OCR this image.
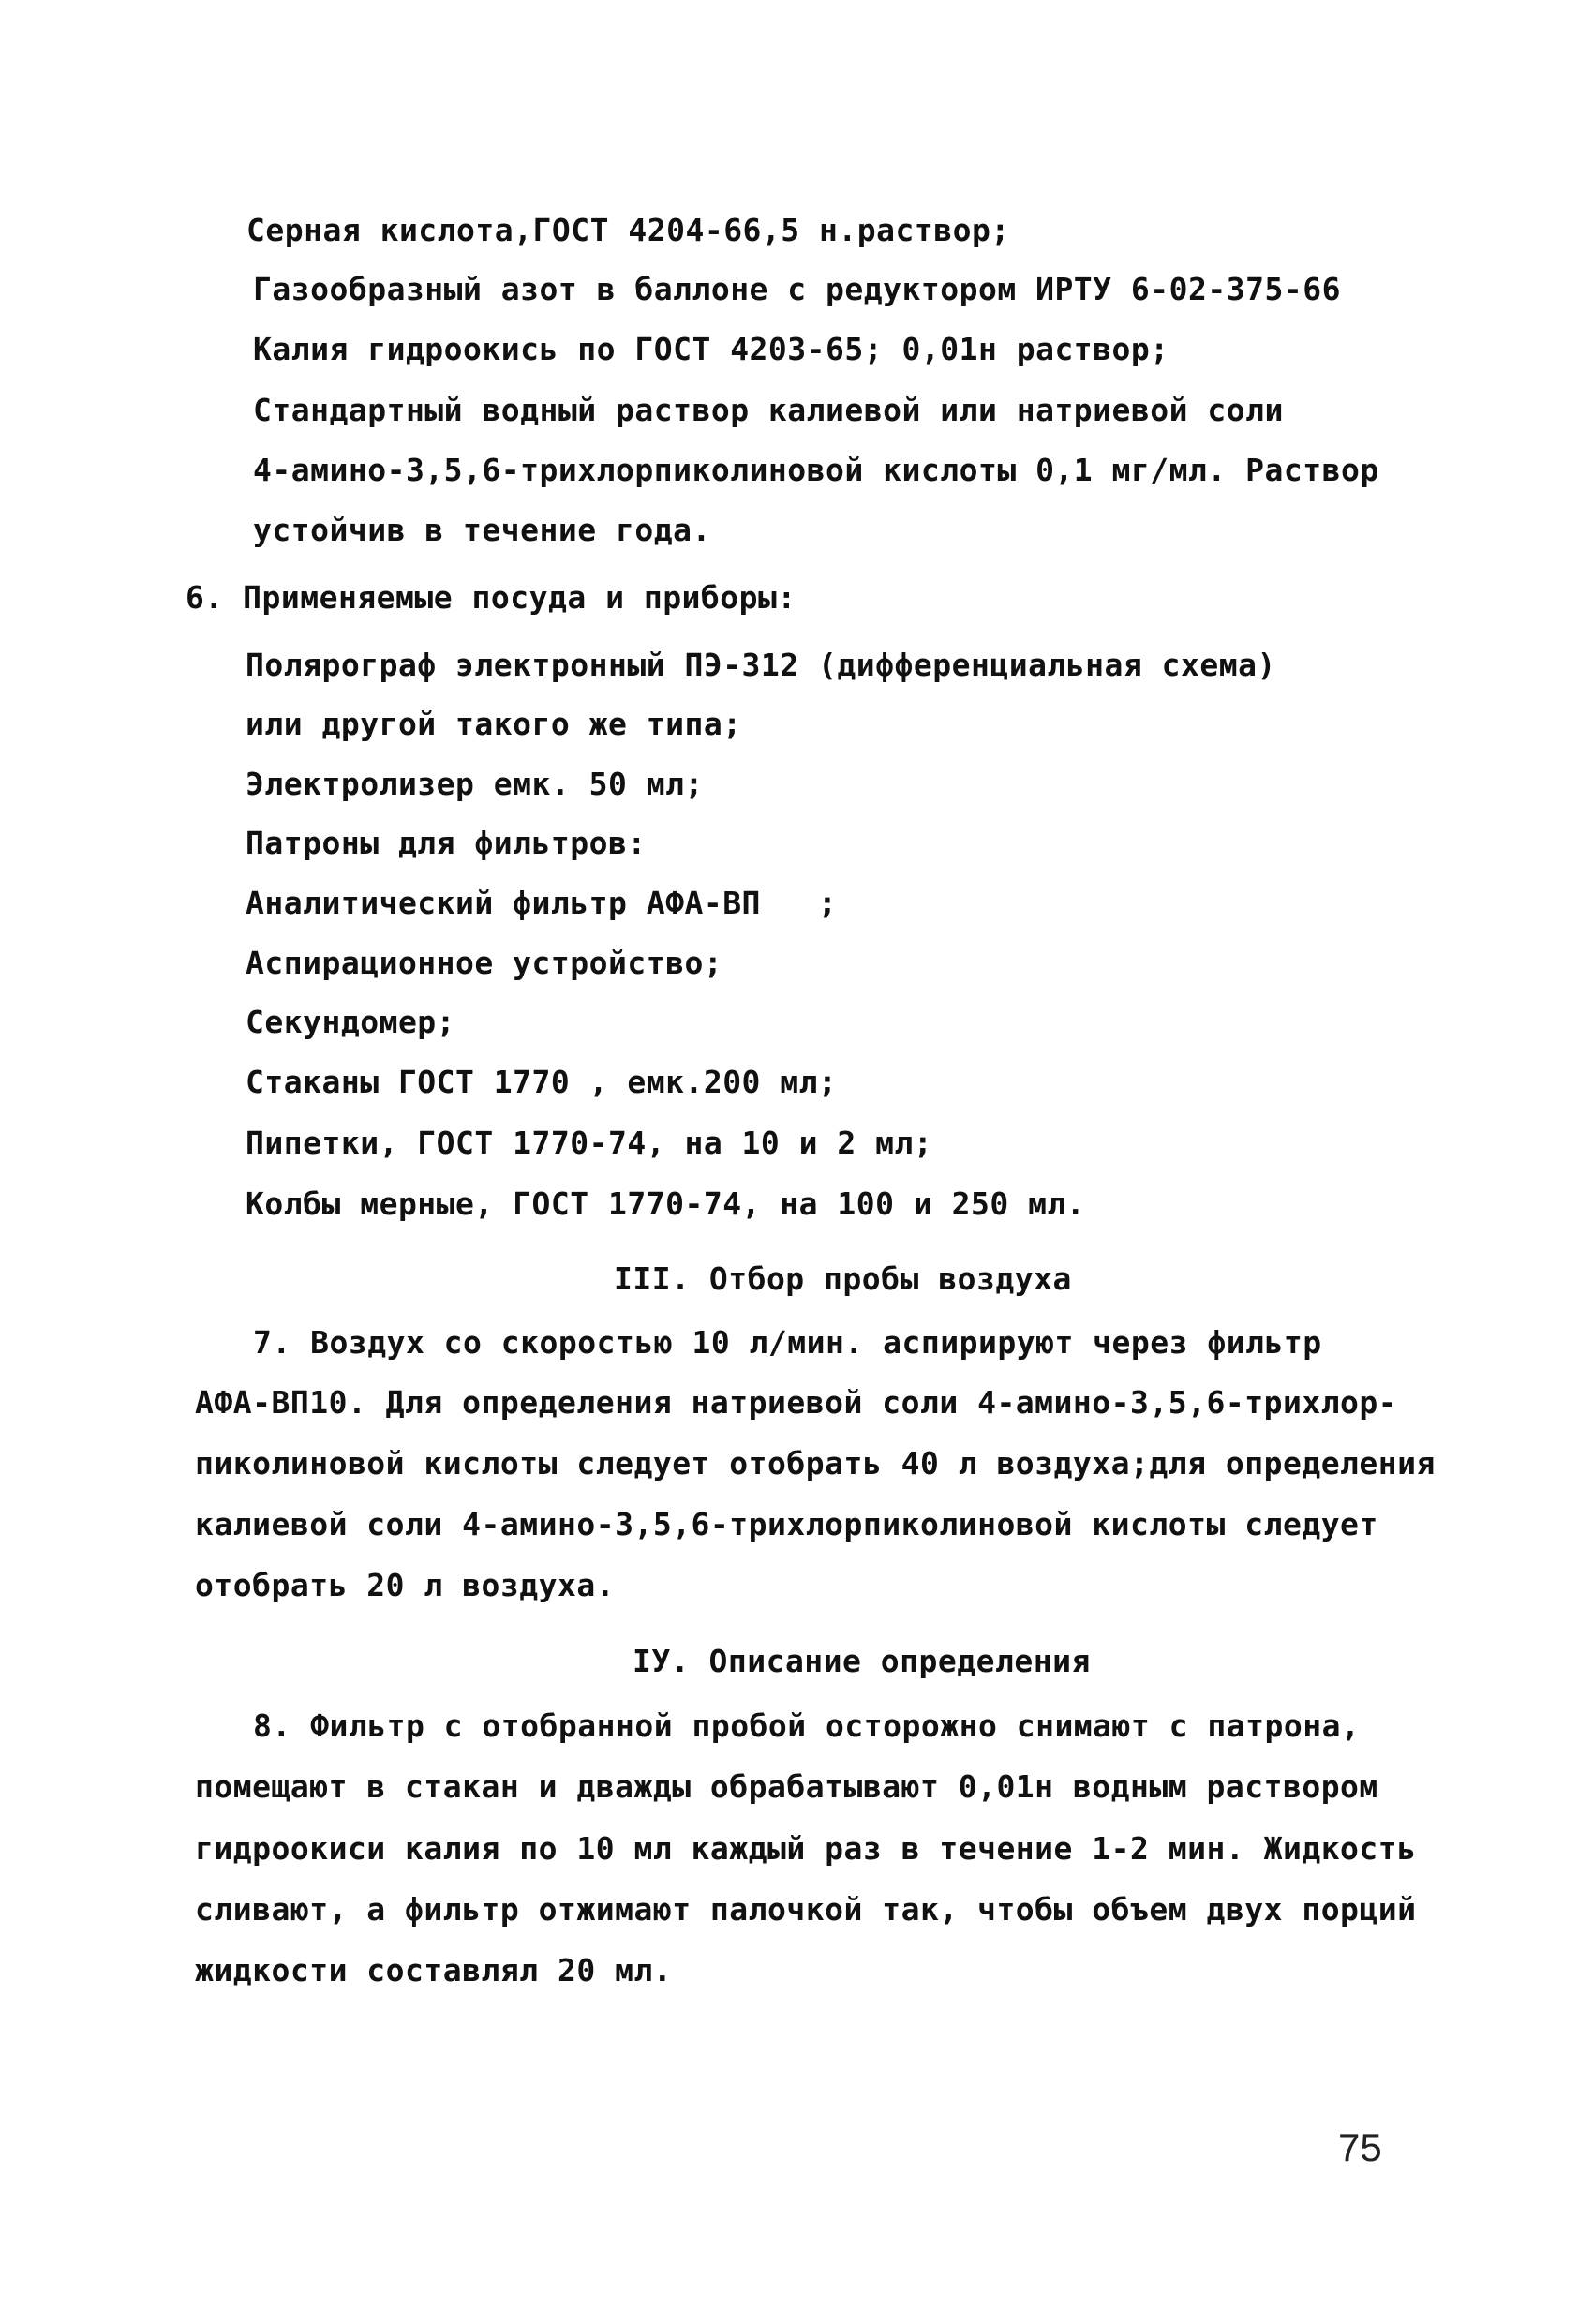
Серная кислота,ГОСТ 4204-66,5 н.раствор;
Газообразный азот в баллоне с редуктором ИРТУ 6-02-375-66
Калия гидроокись по ГОСТ 4203-65; 0,01н раствор;
Стандартный водный раствор калиевой или натриевой соли
4-амино-3,5,6-трихлорпиколиновой кислоты 0,1 мг/мл. Раствор
устойчив в течение года.
6. Применяемые посуда и приборы:
Полярограф электронный ПЭ-312 (дифференциальная схема)
или другой такого же типа;
Электролизер емк. 50 мл;
Патроны для фильтров:
Аналитический фильтр АФА-ВП   ;
Аспирационное устройство;
Секундомер;
Стаканы ГОСТ 1770 , емк.200 мл;
Пипетки, ГОСТ 1770-74, на 10 и 2 мл;
Колбы мерные, ГОСТ 1770-74, на 100 и 250 мл.
III. Отбор пробы воздуха
7. Воздух со скоростью 10 л/мин. аспирируют через фильтр
АФА-ВП10. Для определения натриевой соли 4-амино-3,5,6-трихлор-
пиколиновой кислоты следует отобрать 40 л воздуха;для определения
калиевой соли 4-амино-3,5,6-трихлорпиколиновой кислоты следует
отобрать 20 л воздуха.
IУ. Описание определения
8. Фильтр с отобранной пробой осторожно снимают с патрона,
помещают в стакан и дважды обрабатывают 0,01н водным раствором
гидроокиси калия по 10 мл каждый раз в течение 1-2 мин. Жидкость
сливают, а фильтр отжимают палочкой так, чтобы объем двух порций
жидкости составлял 20 мл.
75
